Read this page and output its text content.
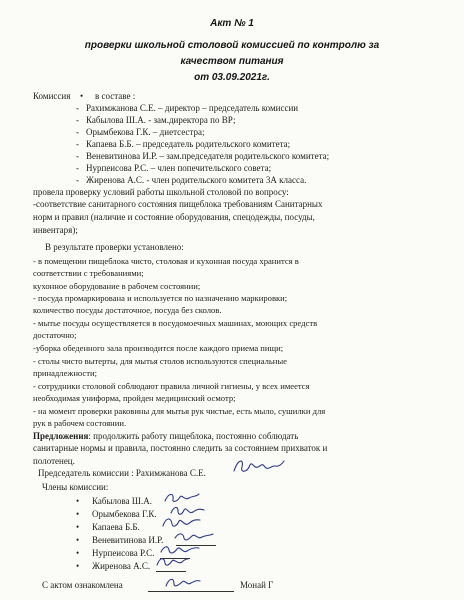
Акт № 1
проверки школьной столовой комиссией по контролю за
качеством питания
от 03.09.2021г.
Комиссия • в составе :
- Рахимжанова С.Е. – директор – председатель комиссии
- Кабылова Ш.А. - зам.директора по ВР;
- Орымбекова Г.К. – диетсестра;
- Капаева Б.Б. – председатель родительского комитета;
- Веневитинова И.Р. – зам.председателя родительского комитета;
- Нурпеисова Р.С. – член попечительского совета;
- Жиренова А.С. - член родительского комитета 3А класса.
провела проверку условий работы школьной столовой по вопросу:
-соответствие санитарного состояния пищеблока требованиям Санитарных
норм и правил (наличие и состояние оборудования, спецодежды, посуды,
инвентаря);
В результате проверки установлено:
- в помещении пищеблока чисто, столовая и кухонная посуда хранится в
соответствии с требованиями;
кухонное оборудование в рабочем состоянии;
- посуда промаркирована и используется по назначению маркировки;
количество посуды достаточное, посуда без сколов.
- мытье посуды осуществляется в посудомоечных машинах, моющих средств
достаточно;
-уборка обеденного зала производится после каждого приема пищи;
- столы чисто вытерты, для мытья столов используются специальные
принадлежности;
- сотрудники столовой соблюдают правила личной гигиены, у всех имеется
необходимая униформа, пройден медицинский осмотр;
- на момент проверки раковины для мытья рук чистые, есть мыло, сушилки для
рук в рабочем состоянии.
Предложения: продолжить работу пищеблока, постоянно соблюдать
санитарные нормы и правила, постоянно следить за состоянием прихваток и
полотенец.
Председатель комиссии : Рахимжанова С.Е.
Члены комиссии:
• Кабылова Ш.А.
• Орымбекова Г.К.
• Капаева Б.Б.
• Веневитинова И.Р.
• Нурпеисова Р.С.
• Жиренова А.С.
С актом ознакомлена	Монай Г
